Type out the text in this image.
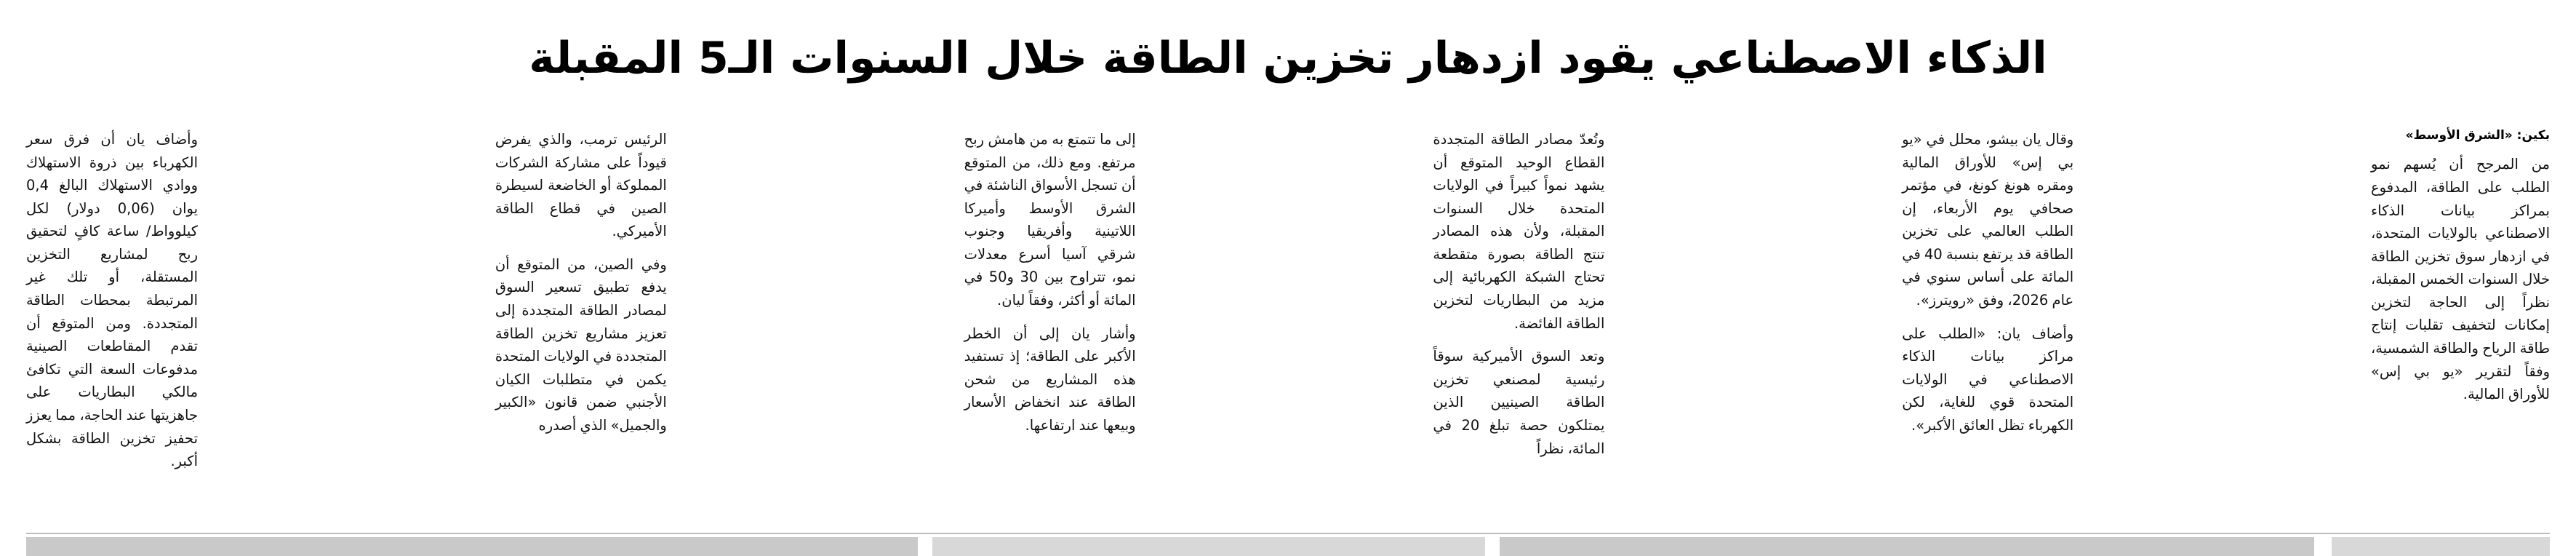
الذكاء الاصطناعي يقود ازدهار تخزين الطاقة خلال السنوات الـ5 المقبلة
بكين: «الشرق الأوسط»

من المرجح أن يُسهم نمو الطلب على الطاقة، المدفوع بمراكز بيانات الذكاء الاصطناعي بالولايات المتحدة، في ازدهار سوق تخزين الطاقة خلال السنوات الخمس المقبلة، نظراً إلى الحاجة لتخزين إمكانات لتخفيف تقلبات إنتاج طاقة الرياح والطاقة الشمسية، وفقاً لتقرير «يو بي إس» للأوراق المالية.

وقال يان بيشو، محلل في «يو بي إس» للأوراق المالية ومقره هونغ كونغ، في مؤتمر صحافي يوم الأربعاء، إن الطلب العالمي على تخزين الطاقة قد يرتفع بنسبة 40 في المائة على أساس سنوي في عام 2026، وفق «رويترز».

وأضاف يان: «الطلب على مراكز بيانات الذكاء الاصطناعي في الولايات المتحدة قوي للغاية، لكن الكهرباء تظل العائق الأكبر».

وتُعدّ مصادر الطاقة المتجددة القطاع الوحيد المتوقع أن يشهد نمواً كبيراً في الولايات المتحدة خلال السنوات المقبلة، ولأن هذه المصادر تنتج الطاقة بصورة متقطعة تحتاج الشبكة الكهربائية إلى مزيد من البطاريات لتخزين الطاقة الفائضة.

وتعد السوق الأميركية سوقاً رئيسية لمصنعي تخزين الطاقة الصينيين الذين يمتلكون حصة تبلغ 20 في المائة، نظراً

إلى ما تتمتع به من هامش ربح مرتفع. ومع ذلك، من المتوقع أن تسجل الأسواق الناشئة في الشرق الأوسط وأميركا اللاتينية وأفريقيا وجنوب شرقي آسيا أسرع معدلات نمو، تتراوح بين 30 و50 في المائة أو أكثر، وفقاً ليان.

وأشار يان إلى أن الخطر الأكبر على الطاقة؛ إذ تستفيد هذه المشاريع من شحن الطاقة عند انخفاض الأسعار وبيعها عند ارتفاعها.

الرئيس ترمب، والذي يفرض قيوداً على مشاركة الشركات المملوكة أو الخاضعة لسيطرة الصين في قطاع الطاقة الأميركي.

وفي الصين، من المتوقع أن يدفع تطبيق تسعير السوق لمصادر الطاقة المتجددة إلى تعزيز مشاريع تخزين الطاقة المتجددة في الولايات المتحدة يكمن في متطلبات الكيان الأجنبي ضمن قانون «الكبير والجميل» الذي أصدره

وأضاف يان أن فرق سعر الكهرباء بين ذروة الاستهلاك ووادي الاستهلاك البالغ 0,4 يوان (0,06 دولار) لكل كيلوواط/ ساعة كافٍ لتحقيق ربح لمشاريع التخزين المستقلة، أو تلك غير المرتبطة بمحطات الطاقة المتجددة. ومن المتوقع أن تقدم المقاطعات الصينية مدفوعات السعة التي تكافئ مالكي البطاريات على جاهزيتها عند الحاجة، مما يعزز تحفيز تخزين الطاقة بشكل أكبر.
